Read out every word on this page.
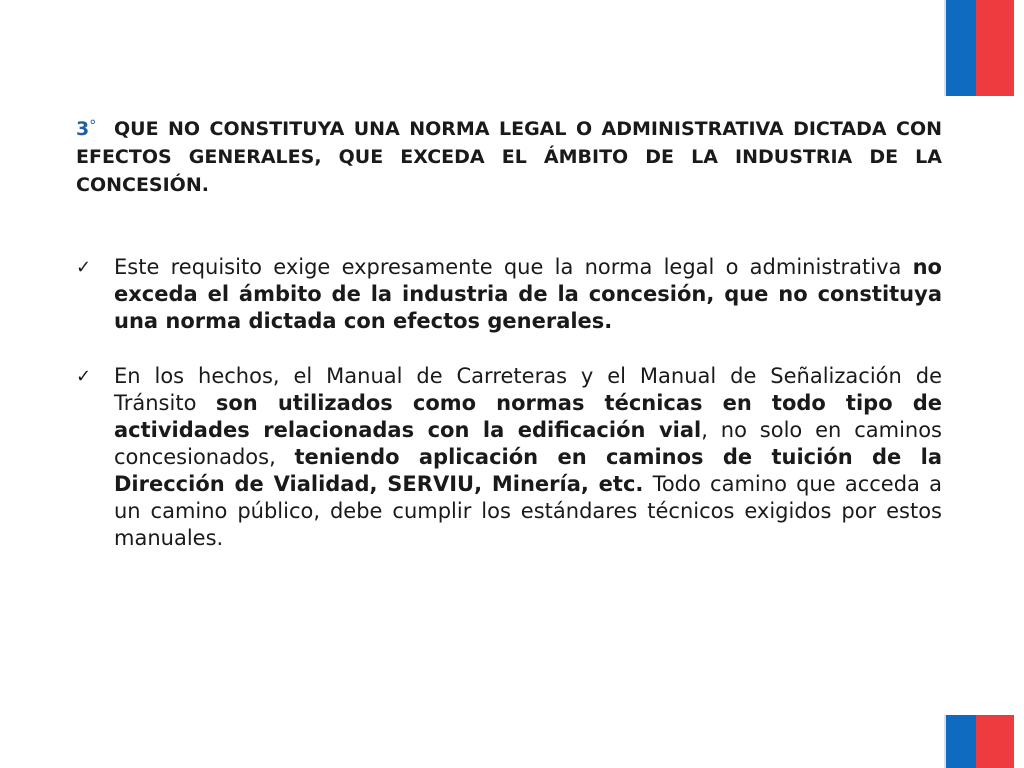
3° QUE NO CONSTITUYA UNA NORMA LEGAL O ADMINISTRATIVA DICTADA CON EFECTOS GENERALES, QUE EXCEDA EL ÁMBITO DE LA INDUSTRIA DE LA CONCESIÓN.
✓	Este requisito exige expresamente que la norma legal o administrativa no exceda el ámbito de la industria de la concesión, que no constituya una norma dictada con efectos generales.
✓	En los hechos, el Manual de Carreteras y el Manual de Señalización de Tránsito son utilizados como normas técnicas en todo tipo de actividades relacionadas con la edificación vial, no solo en caminos concesionados, teniendo aplicación en caminos de tuición de la Dirección de Vialidad, SERVIU, Minería, etc. Todo camino que acceda a un camino público, debe cumplir los estándares técnicos exigidos por estos manuales.
